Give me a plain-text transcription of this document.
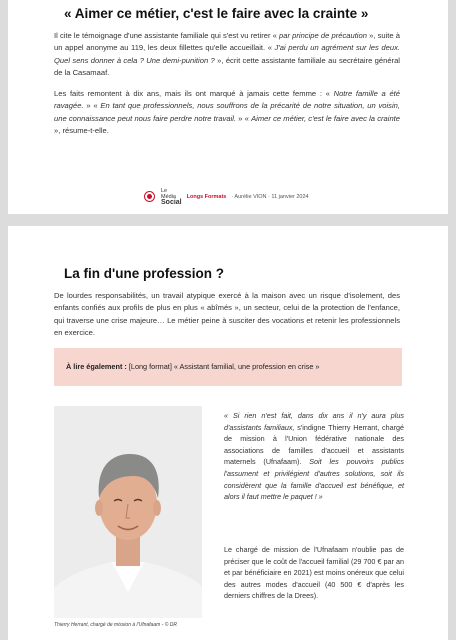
« Aimer ce métier, c'est le faire avec la crainte »
Il cite le témoignage d'une assistante familiale qui s'est vu retirer « par principe de précaution », suite à un appel anonyme au 119, les deux fillettes qu'elle accueillait. « J'ai perdu un agrément sur les deux. Quel sens donner à cela ? Une demi-punition ? », écrit cette assistante familiale au secrétaire général de la Casamaaf.
Les faits remontent à dix ans, mais ils ont marqué à jamais cette femme : « Notre famille a été ravagée. » « En tant que professionnels, nous souffrons de la précarité de notre situation, un voisin, une connaissance peut nous faire perdre notre travail. » « Aimer ce métier, c'est le faire avec la crainte », résume-t-elle.
Le
Média
Social
Longs Formats · Aurélie VION · 11 janvier 2024
La fin d'une profession ?
De lourdes responsabilités, un travail atypique exercé à la maison avec un risque d'isolement, des enfants confiés aux profils de plus en plus « abîmés », un secteur, celui de la protection de l'enfance, qui traverse une crise majeure… Le métier peine à susciter des vocations et retenir les professionnels en exercice.
À lire également : [Long format] « Assistant familial, une profession en crise »
Thierry Herrant, chargé de mission à l'Ufnafaam - © DR
« Si rien n'est fait, dans dix ans il n'y aura plus d'assistants familiaux, s'indigne Thierry Herrant, chargé de mission à l'Union fédérative nationale des associations de familles d'accueil et assistants maternels (Ufnafaam). Soit les pouvoirs publics l'assument et privilégient d'autres solutions, soit ils considèrent que la famille d'accueil est bénéfique, et alors il faut mettre le paquet ! »
Le chargé de mission de l'Ufnafaam n'oublie pas de préciser que le coût de l'accueil familial (29 700 € par an et par bénéficiaire en 2021) est moins onéreux que celui des autres modes d'accueil (40 500 € d'après les derniers chiffres de la Drees).
